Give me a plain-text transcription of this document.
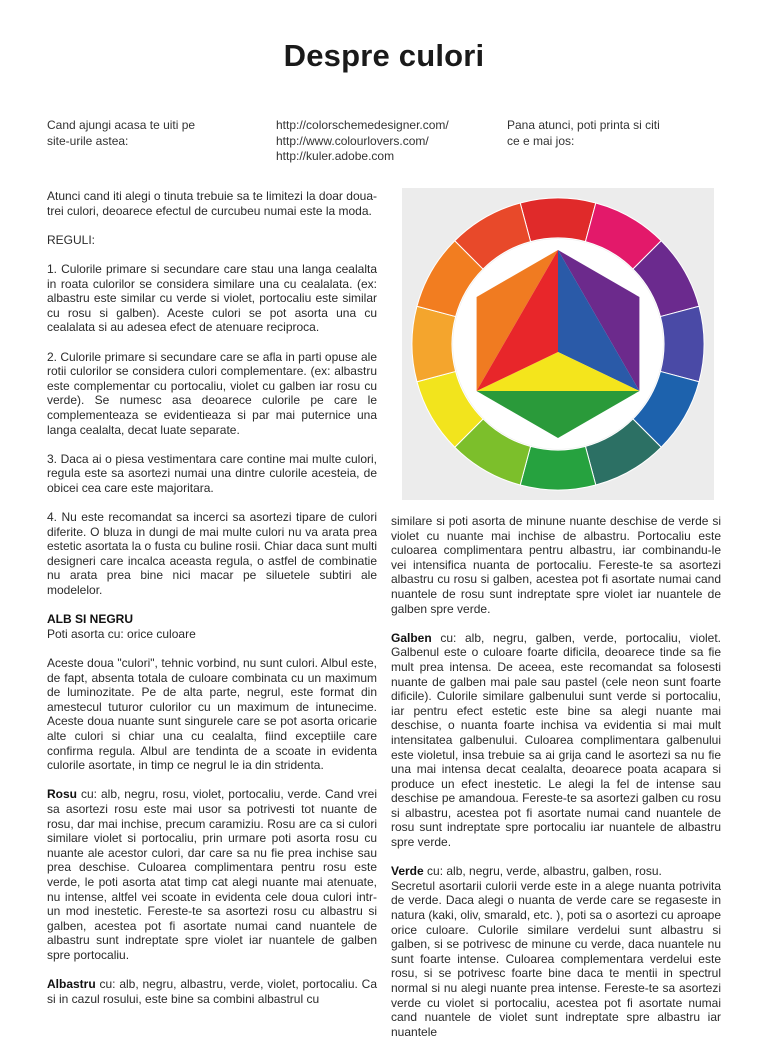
Despre culori
Cand ajungi acasa te uiti pe
site-urile astea:
http://colorschemedesigner.com/
http://www.colourlovers.com/
http://kuler.adobe.com
Pana atunci, poti printa si citi
ce e mai jos:

Atunci cand iti alegi o tinuta trebuie sa te limitezi la doar doua-trei culori, deoarece efectul de curcubeu numai este la moda.

REGULI:

1. Culorile primare si secundare care stau una langa cealalta in roata culorilor se considera similare una cu cealalata. (ex: albastru este similar cu verde si violet, portocaliu este similar cu rosu si galben). Aceste culori se pot asorta una cu cealalata si au adesea efect de atenuare reciproca.

2. Culorile primare si secundare care se afla in parti opuse ale rotii culorilor se considera culori complementare. (ex: albastru este complementar cu portocaliu, violet cu galben iar rosu cu verde). Se numesc asa deoarece culorile pe care le complementeaza se evidentieaza si par mai puternice una langa cealalta, decat luate separate.

3. Daca ai o piesa vestimentara care contine mai multe culori, regula este sa asortezi numai una dintre culorile acesteia, de obicei cea care este majoritara.

4. Nu este recomandat sa incerci sa asortezi tipare de culori diferite. O bluza in dungi de mai multe culori nu va arata prea estetic asortata la o fusta cu buline rosii. Chiar daca sunt multi designeri care incalca aceasta regula, o astfel de combinatie nu arata prea bine nici macar pe siluetele subtiri ale modelelor.

ALB SI NEGRU

Poti asorta cu: orice culoare

Aceste doua "culori", tehnic vorbind, nu sunt culori. Albul este, de fapt, absenta totala de culoare combinata cu un maximum de luminozitate. Pe de alta parte, negrul, este format din amestecul tuturor culorilor cu un maximum de intunecime. Aceste doua nuante sunt singurele care se pot asorta oricarie alte culori si chiar una cu cealalta, fiind exceptiile care confirma regula. Albul are tendinta de a scoate in evidenta culorile asortate, in timp ce negrul le ia din stridenta.

Rosu cu: alb, negru, rosu, violet, portocaliu, verde. Cand vrei sa asortezi rosu este mai usor sa potrivesti tot nuante de rosu, dar mai inchise, precum caramiziu. Rosu are ca si culori similare violet si portocaliu, prin urmare poti asorta rosu cu nuante ale acestor culori, dar care sa nu fie prea inchise sau prea deschise. Culoarea complimentara pentru rosu este verde, le poti asorta atat timp cat alegi nuante mai atenuate, nu intense, altfel vei scoate in evidenta cele doua culori intr-un mod inestetic. Fereste-te sa asortezi rosu cu albastru si galben, acestea pot fi asortate numai cand nuantele de albastru sunt indreptate spre violet iar nuantele de galben spre portocaliu.

Albastru cu: alb, negru, albastru, verde, violet, portocaliu. Ca si in cazul rosului, este bine sa combini albastrul cu

similare si poti asorta de minune nuante deschise de verde si violet cu nuante mai inchise de albastru. Portocaliu este culoarea complimentara pentru albastru, iar combinandu-le vei intensifica nuanta de portocaliu. Fereste-te sa asortezi albastru cu rosu si galben, acestea pot fi asortate numai cand nuantele de rosu sunt indreptate spre violet iar nuantele de galben spre verde.

Galben cu: alb, negru, galben, verde, portocaliu, violet. Galbenul este o culoare foarte dificila, deoarece tinde sa fie mult prea intensa. De aceea, este recomandat sa folosesti nuante de galben mai pale sau pastel (cele neon sunt foarte dificile). Culorile similare galbenului sunt verde si portocaliu, iar pentru efect estetic este bine sa alegi nuante mai deschise, o nuanta foarte inchisa va evidentia si mai mult intensitatea galbenului. Culoarea complimentara galbenului este violetul, insa trebuie sa ai grija cand le asortezi sa nu fie una mai intensa decat cealalta, deoarece poata acapara si produce un efect inestetic. Le alegi la fel de intense sau deschise pe amandoua. Fereste-te sa asortezi galben cu rosu si albastru, acestea pot fi asortate numai cand nuantele de rosu sunt indreptate spre portocaliu iar nuantele de albastru spre verde.

Verde cu: alb, negru, verde, albastru, galben, rosu.

Secretul asortarii culorii verde este in a alege nuanta potrivita de verde. Daca alegi o nuanta de verde care se regaseste in natura (kaki, oliv, smarald, etc. ), poti sa o asortezi cu aproape orice culoare. Culorile similare verdelui sunt albastru si galben, si se potrivesc de minune cu verde, daca nuantele nu sunt foarte intense. Culoarea complementara verdelui este rosu, si se potrivesc foarte bine daca te mentii in spectrul normal si nu alegi nuante prea intense. Fereste-te sa asortezi verde cu violet si portocaliu, acestea pot fi asortate numai cand nuantele de violet sunt indreptate spre albastru iar nuantele
